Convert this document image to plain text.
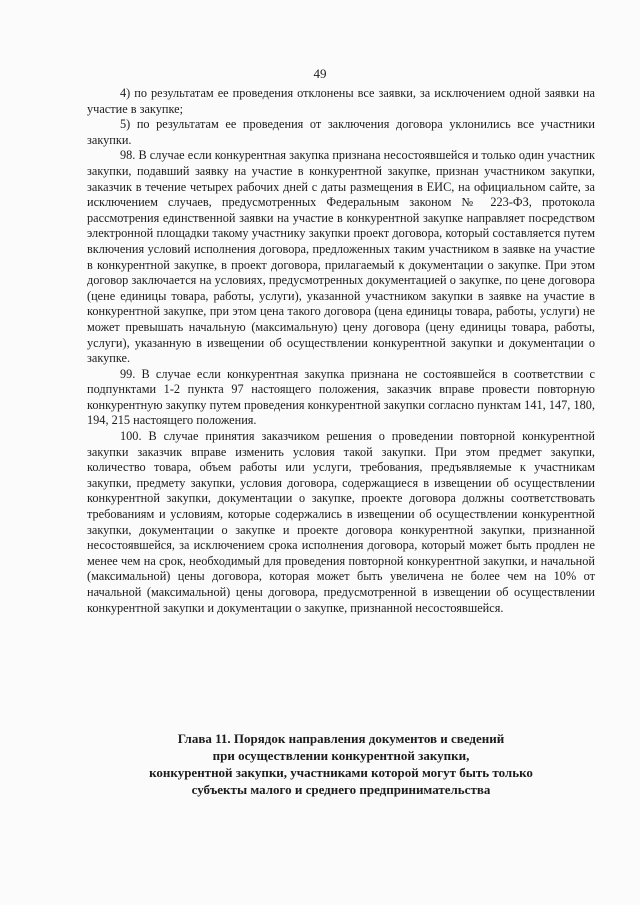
49

4) по результатам ее проведения отклонены все заявки, за исключением одной заявки на участие в закупке;

5) по результатам ее проведения от заключения договора уклонились все участники закупки.

98. В случае если конкурентная закупка признана несостоявшейся и только один участник закупки, подавший заявку на участие в конкурентной закупке, признан участником закупки, заказчик в течение четырех рабочих дней с даты размещения в ЕИС, на официальном сайте, за исключением случаев, предусмотренных Федеральным законом № 223-ФЗ, протокола рассмотрения единственной заявки на участие в конкурентной закупке направляет посредством электронной площадки такому участнику закупки проект договора, который составляется путем включения условий исполнения договора, предложенных таким участником в заявке на участие в конкурентной закупке, в проект договора, прилагаемый к документации о закупке. При этом договор заключается на условиях, предусмотренных документацией о закупке, по цене договора (цене единицы товара, работы, услуги), указанной участником закупки в заявке на участие в конкурентной закупке, при этом цена такого договора (цена единицы товара, работы, услуги) не может превышать начальную (максимальную) цену договора (цену единицы товара, работы, услуги), указанную в извещении об осуществлении конкурентной закупки и документации о закупке.

99. В случае если конкурентная закупка признана не состоявшейся в соответствии с подпунктами 1-2 пункта 97 настоящего положения, заказчик вправе провести повторную конкурентную закупку путем проведения конкурентной закупки согласно пунктам 141, 147, 180, 194, 215 настоящего положения.

100. В случае принятия заказчиком решения о проведении повторной конкурентной закупки заказчик вправе изменить условия такой закупки. При этом предмет закупки, количество товара, объем работы или услуги, требования, предъявляемые к участникам закупки, предмету закупки, условия договора, содержащиеся в извещении об осуществлении конкурентной закупки, документации о закупке, проекте договора должны соответствовать требованиям и условиям, которые содержались в извещении об осуществлении конкурентной закупки, документации о закупке и проекте договора конкурентной закупки, признанной несостоявшейся, за исключением срока исполнения договора, который может быть продлен не менее чем на срок, необходимый для проведения повторной конкурентной закупки, и начальной (максимальной) цены договора, которая может быть увеличена не более чем на 10% от начальной (максимальной) цены договора, предусмотренной в извещении об осуществлении конкурентной закупки и документации о закупке, признанной несостоявшейся.

Глава 11. Порядок направления документов и сведений
при осуществлении конкурентной закупки,
конкурентной закупки, участниками которой могут быть только
субъекты малого и среднего предпринимательства
